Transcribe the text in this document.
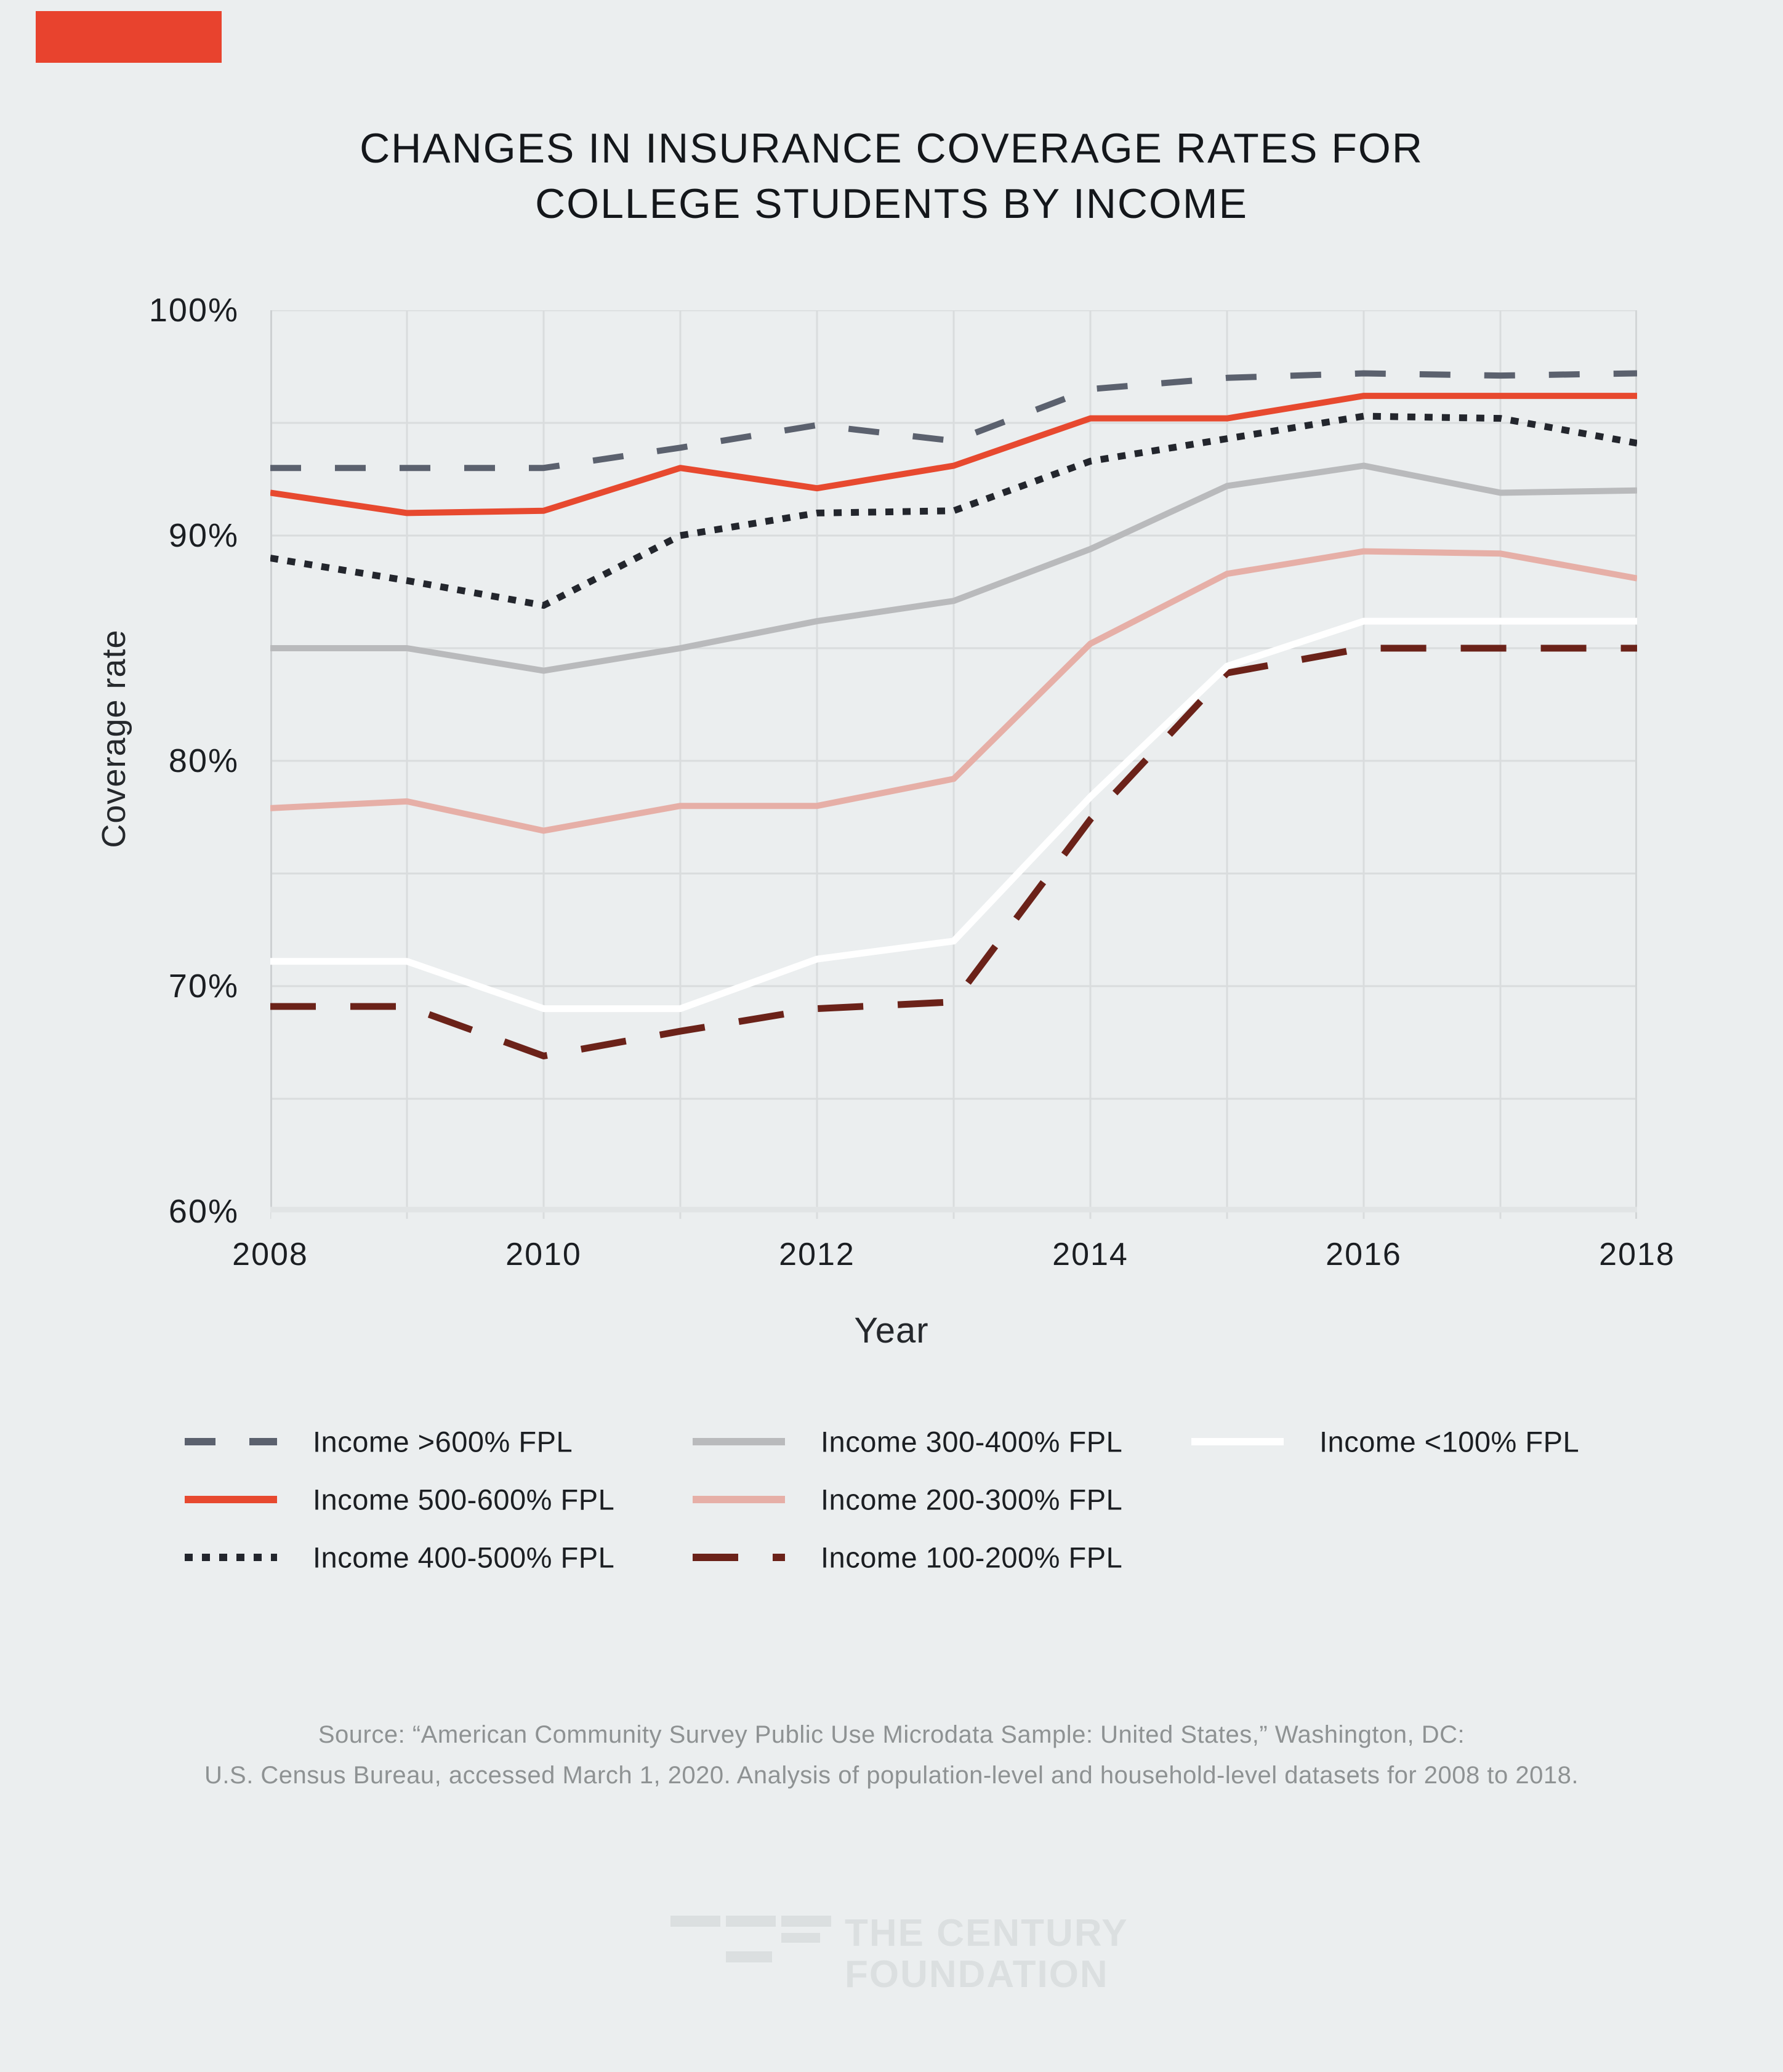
CHANGES IN INSURANCE COVERAGE RATES FOR
COLLEGE STUDENTS BY INCOME
100%
90%
80%
70%
60%
2008	2010	2012	2014	2016	2018
Coverage rate
Year
Income >600% FPL
Income 500-600% FPL
Income 400-500% FPL
Income 300-400% FPL
Income 200-300% FPL
Income 100-200% FPL
Income <100% FPL
Source: “American Community Survey Public Use Microdata Sample: United States,” Washington, DC:
U.S. Census Bureau, accessed March 1, 2020. Analysis of population-level and household-level datasets for 2008 to 2018.
THE CENTURY
FOUNDATION
